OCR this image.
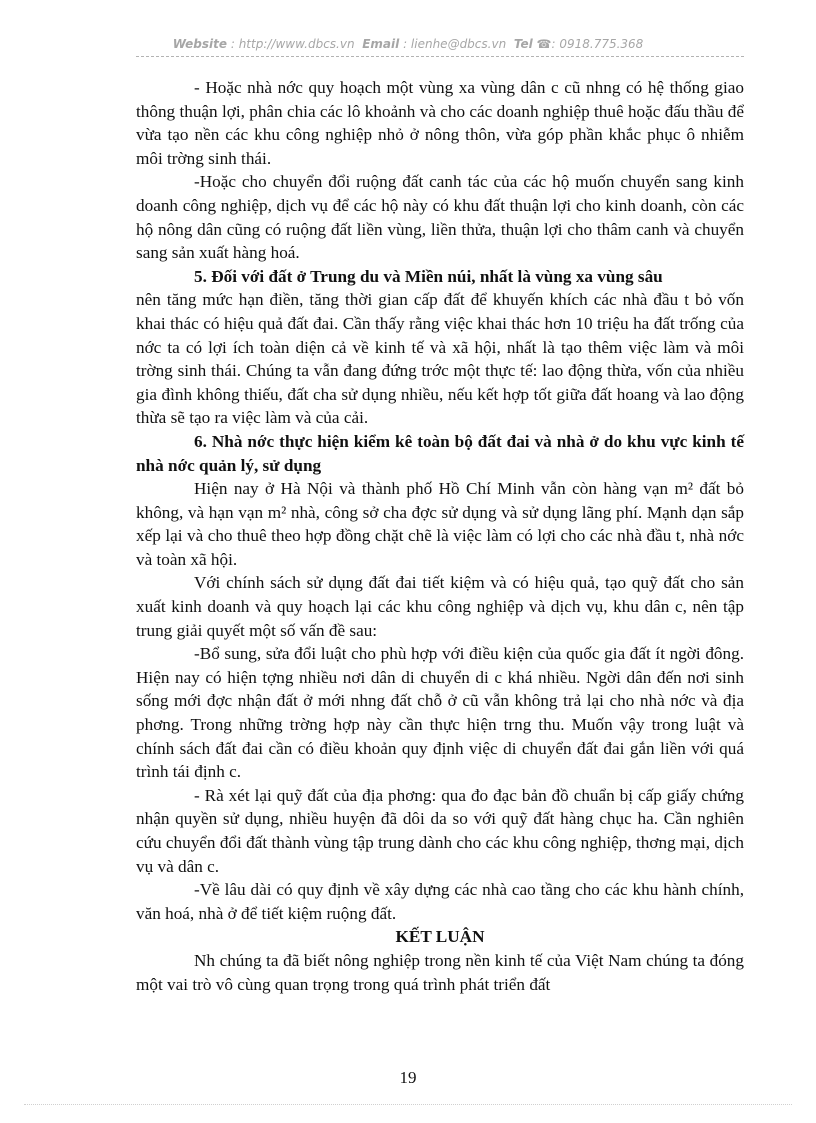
Website : http://www.dbcs.vn Email : lienhe@dbcs.vn Tel ☎: 0918.775.368

- Hoặc nhà nớc quy hoạch một vùng xa vùng dân c cũ nhng có hệ thống giao thông thuận lợi, phân chia các lô khoảnh và cho các doanh nghiệp thuê hoặc đấu thầu để vừa tạo nền các khu công nghiệp nhỏ ở nông thôn, vừa góp phần khắc phục ô nhiễm môi trờng sinh thái.

-Hoặc cho chuyển đổi ruộng đất canh tác của các hộ muốn chuyển sang kinh doanh công nghiệp, dịch vụ để các hộ này có khu đất thuận lợi cho kinh doanh, còn các hộ nông dân cũng có ruộng đất liền vùng, liền thửa, thuận lợi cho thâm canh và chuyển sang sản xuất hàng hoá.

5. Đối với đất ở Trung du và Miền núi, nhất là vùng xa vùng sâu

nên tăng mức hạn điền, tăng thời gian cấp đất để khuyến khích các nhà đầu t bỏ vốn khai thác có hiệu quả đất đai. Cần thấy rằng việc khai thác hơn 10 triệu ha đất trống của nớc ta có lợi ích toàn diện cả về kinh tế và xã hội, nhất là tạo thêm việc làm và môi trờng sinh thái. Chúng ta vẫn đang đứng trớc một thực tế: lao động thừa, vốn của nhiều gia đình không thiếu, đất cha sử dụng nhiều, nếu kết hợp tốt giữa đất hoang và lao động thừa sẽ tạo ra việc làm và của cải.

6. Nhà nớc thực hiện kiểm kê toàn bộ đất đai và nhà ở do khu vực kinh tế nhà nớc quản lý, sử dụng

Hiện nay ở Hà Nội và thành phố Hồ Chí Minh vẫn còn hàng vạn m² đất bỏ không, và hạn vạn m² nhà, công sở cha đợc sử dụng và sử dụng lãng phí. Mạnh dạn sắp xếp lại và cho thuê theo hợp đồng chặt chẽ là việc làm có lợi cho các nhà đầu t, nhà nớc và toàn xã hội.

Với chính sách sử dụng đất đai tiết kiệm và có hiệu quả, tạo quỹ đất cho sản xuất kinh doanh và quy hoạch lại các khu công nghiệp và dịch vụ, khu dân c, nên tập trung giải quyết một số vấn đề sau:

-Bổ sung, sửa đổi luật cho phù hợp với điều kiện của quốc gia đất ít ngời đông. Hiện nay có hiện tợng nhiều nơi dân di chuyển di c khá nhiều. Ngời dân đến nơi sinh sống mới đợc nhận đất ở mới nhng đất chỗ ở cũ vẫn không trả lại cho nhà nớc và địa phơng. Trong những trờng hợp này cần thực hiện trng thu. Muốn vậy trong luật và chính sách đất đai cần có điều khoản quy định việc di chuyển đất đai gắn liền với quá trình tái định c.

- Rà xét lại quỹ đất của địa phơng: qua đo đạc bản đồ chuẩn bị cấp giấy chứng nhận quyền sử dụng, nhiều huyện đã dôi da so với quỹ đất hàng chục ha. Cần nghiên cứu chuyển đổi đất thành vùng tập trung dành cho các khu công nghiệp, thơng mại, dịch vụ và dân c.

-Về lâu dài có quy định về xây dựng các nhà cao tầng cho các khu hành chính, văn hoá, nhà ở để tiết kiệm ruộng đất.

KẾT LUẬN

Nh chúng ta đã biết nông nghiệp trong nền kinh tế của Việt Nam chúng ta đóng một vai trò vô cùng quan trọng trong quá trình phát triển đất

19
